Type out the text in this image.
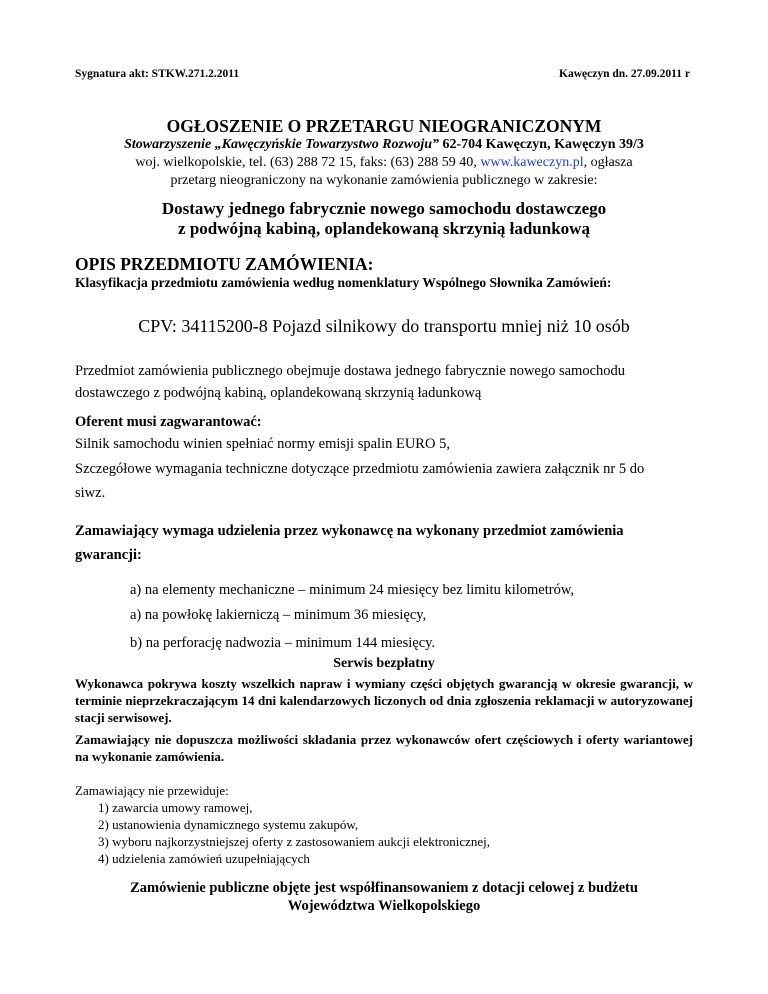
Sygnatura akt: STKW.271.2.2011	Kawęczyn dn. 27.09.2011 r
OGŁOSZENIE O PRZETARGU NIEOGRANICZONYM
Stowarzyszenie „Kawęczyńskie Towarzystwo Rozwoju” 62-704 Kawęczyn, Kawęczyn 39/3
woj. wielkopolskie, tel. (63) 288 72 15, faks: (63) 288 59 40, www.kaweczyn.pl, ogłasza
przetarg nieograniczony na wykonanie zamówienia publicznego w zakresie:
Dostawy jednego fabrycznie nowego samochodu dostawczego
z podwójną kabiną, oplandekowaną skrzynią ładunkową
OPIS PRZEDMIOTU ZAMÓWIENIA:
Klasyfikacja przedmiotu zamówienia według nomenklatury Wspólnego Słownika Zamówień:
CPV: 34115200-8 Pojazd silnikowy do transportu mniej niż 10 osób
Przedmiot zamówienia publicznego obejmuje dostawa jednego fabrycznie nowego samochodu
dostawczego z podwójną kabiną, oplandekowaną skrzynią ładunkową
Oferent musi zagwarantować:
Silnik samochodu winien spełniać normy emisji spalin EURO 5,
Szczegółowe wymagania techniczne dotyczące przedmiotu zamówienia zawiera załącznik nr 5 do
siwz.
Zamawiający wymaga udzielenia przez wykonawcę na wykonany przedmiot zamówienia
gwarancji:
a) na elementy mechaniczne – minimum 24 miesięcy bez limitu kilometrów,
a) na powłokę lakierniczą – minimum 36 miesięcy,
b) na perforację nadwozia – minimum 144 miesięcy.
Serwis bezpłatny
Wykonawca pokrywa koszty wszelkich napraw i wymiany części objętych gwarancją w okresie gwarancji, w terminie nieprzekraczającym 14 dni kalendarzowych liczonych od dnia zgłoszenia reklamacji w autoryzowanej stacji serwisowej.
Zamawiający nie dopuszcza możliwości składania przez wykonawców ofert częściowych i oferty wariantowej na wykonanie zamówienia.
Zamawiający nie przewiduje:
1) zawarcia umowy ramowej,
2) ustanowienia dynamicznego systemu zakupów,
3) wyboru najkorzystniejszej oferty z zastosowaniem aukcji elektronicznej,
4) udzielenia zamówień uzupełniających
Zamówienie publiczne objęte jest współfinansowaniem z dotacji celowej z budżetu
Województwa Wielkopolskiego
